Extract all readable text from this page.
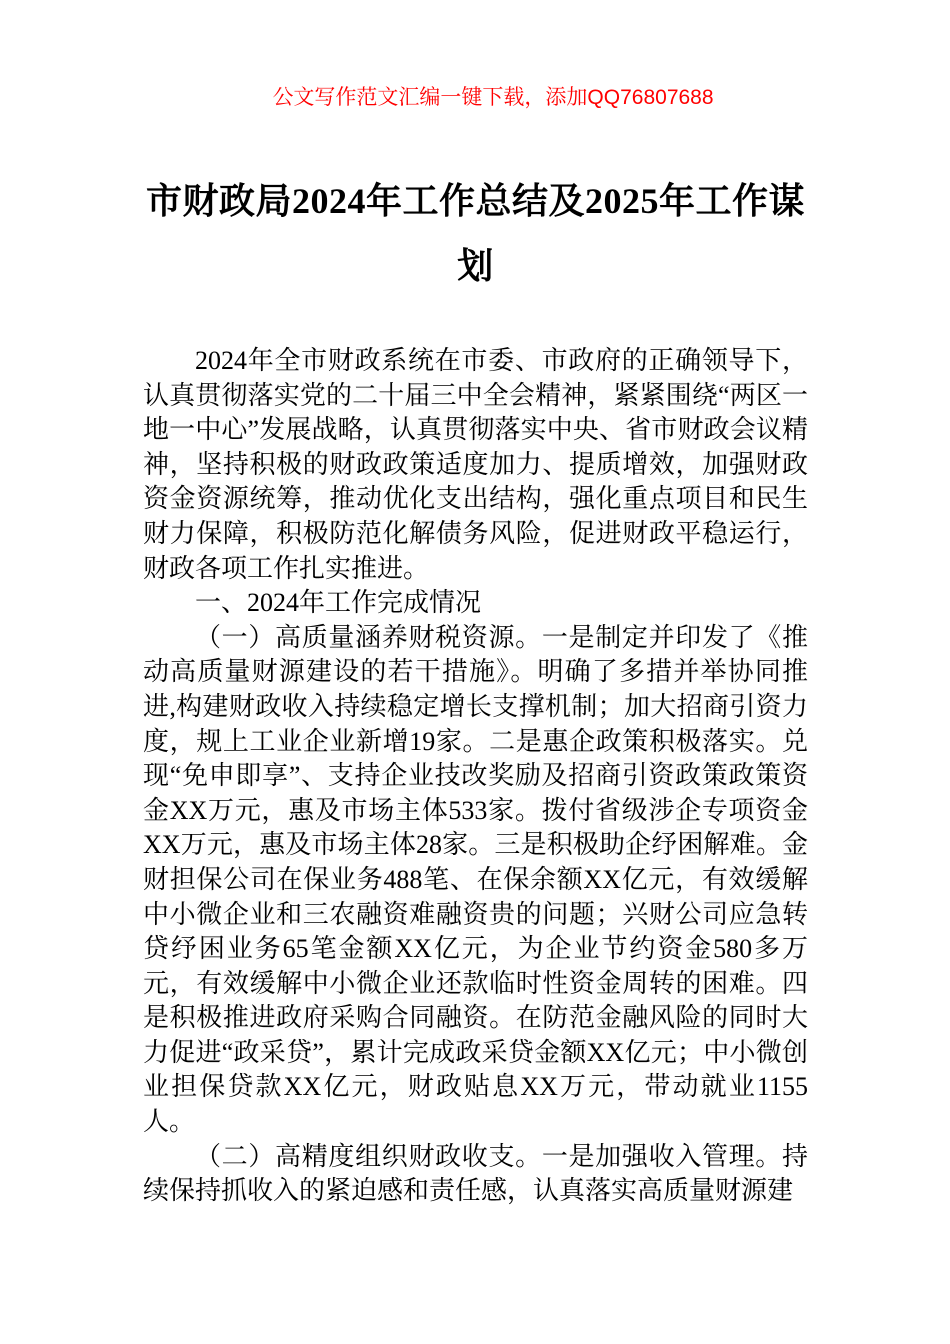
公文写作范文汇编一键下载，添加QQ76807688
市财政局2024年工作总结及2025年工作谋
划

2024年全市财政系统在市委、市政府的正确领导下，认真贯彻落实党的二十届三中全会精神，紧紧围绕“两区一地一中心”发展战略，认真贯彻落实中央、省市财政会议精神，坚持积极的财政政策适度加力、提质增效，加强财政资金资源统筹，推动优化支出结构，强化重点项目和民生财力保障，积极防范化解债务风险，促进财政平稳运行，财政各项工作扎实推进。

一、2024年工作完成情况

（一）高质量涵养财税资源。一是制定并印发了《推动高质量财源建设的若干措施》。明确了多措并举协同推进,构建财政收入持续稳定增长支撑机制；加大招商引资力度，规上工业企业新增19家。二是惠企政策积极落实。兑现“免申即享”、支持企业技改奖励及招商引资政策政策资金XX万元，惠及市场主体533家。拨付省级涉企专项资金XX万元，惠及市场主体28家。三是积极助企纾困解难。金财担保公司在保业务488笔、在保余额XX亿元，有效缓解中小微企业和三农融资难融资贵的问题；兴财公司应急转贷纾困业务65笔金额XX亿元，为企业节约资金580多万元，有效缓解中小微企业还款临时性资金周转的困难。四是积极推进政府采购合同融资。在防范金融风险的同时大力促进“政采贷”，累计完成政采贷金额XX亿元；中小微创业担保贷款XX亿元，财政贴息XX万元，带动就业1155人。

（二）高精度组织财政收支。一是加强收入管理。持续保持抓收入的紧迫感和责任感，认真落实高质量财源建
